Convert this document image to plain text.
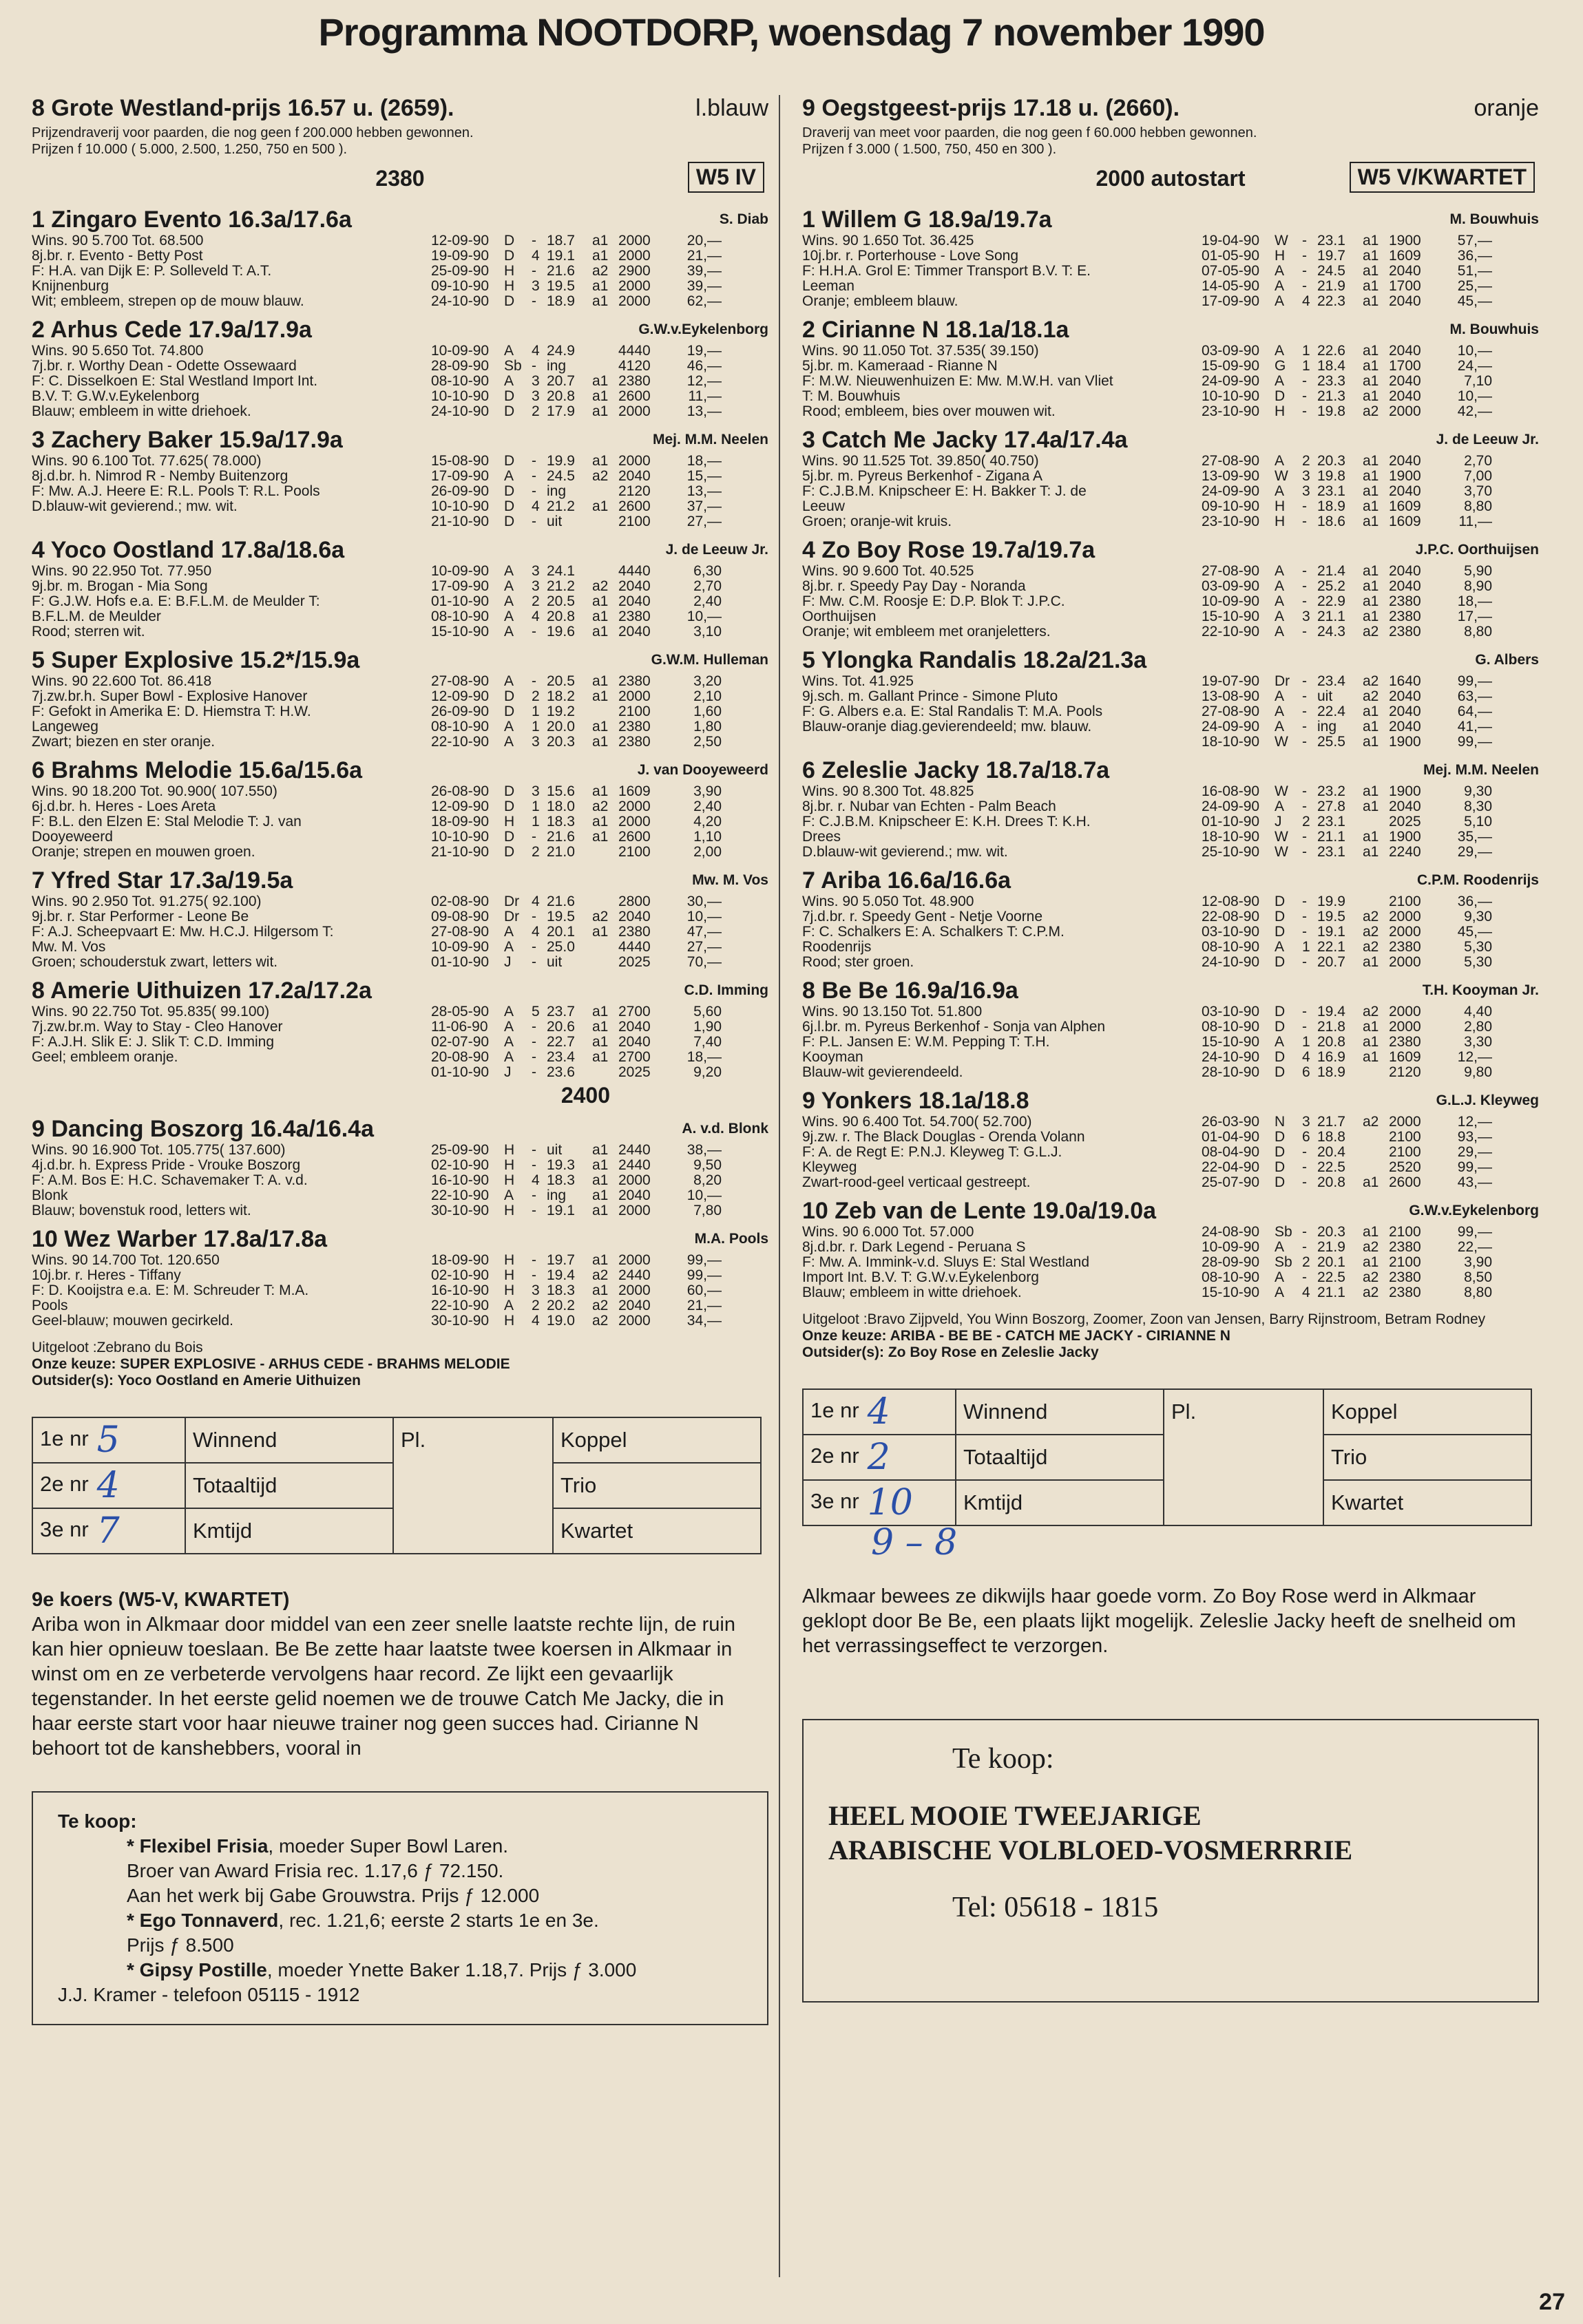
Programma NOOTDORP, woensdag 7 november 1990
8 Grote Westland-prijs 16.57 u. (2659).	l.blauw
Prijzendraverij voor paarden, die nog geen f 200.000 hebben gewonnen.
Prijzen f 10.000 ( 5.000, 2.500, 1.250, 750 en 500 ).
2380	W5 IV
1 Zingaro Evento 16.3a/17.6a
Wins. 90 5.700 Tot. 68.500
8j.br. r. Evento - Betty Post
F: H.A. van Dijk E: P. Solleveld T: A.T.
Knijnenburg
Wit; embleem, strepen op de mouw blauw.
S. Diab
12-09-90	D	- 18.7	a1 2000	20,—
19-09-90	D	4 19.1	a1 2000	21,—
25-09-90	H	- 21.6	a2 2900	39,—
09-10-90	H	3 19.5	a1 2000	39,—
24-10-90	D	- 18.9	a1 2000	62,—
2 Arhus Cede 17.9a/17.9a
Wins. 90 5.650 Tot. 74.800
7j.br. r. Worthy Dean - Odette Ossewaard
F: C. Disselkoen E: Stal Westland Import Int.
B.V. T: G.W.v.Eykelenborg
Blauw; embleem in witte driehoek.
G.W.v.Eykelenborg
10-09-90	A	4 24.9	4440	19,—
28-09-90	Sb - ing	4120	46,—
08-10-90	A	3 20.7	a1 2380	12,—
10-10-90	D	3 20.8	a1 2600	11,—
24-10-90	D	2 17.9	a1 2000	13,—
3 Zachery Baker 15.9a/17.9a
Wins. 90 6.100 Tot. 77.625( 78.000)
8j.d.br. h. Nimrod R - Nemby Buitenzorg
F: Mw. A.J. Heere E: R.L. Pools T: R.L. Pools
D.blauw-wit gevierend.; mw. wit.
Mej. M.M. Neelen
15-08-90	D	- 19.9	a1 2000	18,—
17-09-90	A	- 24.5	a2 2040	15,—
26-09-90	D	- ing	2120	13,—
10-10-90	D	4 21.2	a1 2600	37,—
21-10-90	D	- uit	2100	27,—
4 Yoco Oostland 17.8a/18.6a
Wins. 90 22.950 Tot. 77.950
9j.br. m. Brogan - Mia Song
F: G.J.W. Hofs e.a. E: B.F.L.M. de Meulder T:
B.F.L.M. de Meulder
Rood; sterren wit.
J. de Leeuw Jr.
10-09-90	A	3 24.1	4440	6,30
17-09-90	A	3 21.2	a2 2040	2,70
01-10-90	A	2 20.5	a1 2040	2,40
08-10-90	A	4 20.8	a1 2380	10,—
15-10-90	A	- 19.6	a1 2040	3,10
5 Super Explosive 15.2*/15.9a
Wins. 90 22.600 Tot. 86.418
7j.zw.br.h. Super Bowl - Explosive Hanover
F: Gefokt in Amerika E: D. Hiemstra T: H.W.
Langeweg
Zwart; biezen en ster oranje.
G.W.M. Hulleman
27-08-90	A	- 20.5	a1 2380	3,20
12-09-90	D	2 18.2	a1 2000	2,10
26-09-90	D	1 19.2	2100	1,60
08-10-90	A	1 20.0	a1 2380	1,80
22-10-90	A	3 20.3	a1 2380	2,50
6 Brahms Melodie 15.6a/15.6a
Wins. 90 18.200 Tot. 90.900( 107.550)
6j.d.br. h. Heres - Loes Areta
F: B.L. den Elzen E: Stal Melodie T: J. van
Dooyeweerd
Oranje; strepen en mouwen groen.
J. van Dooyeweerd
26-08-90	D	3 15.6	a1 1609	3,90
12-09-90	D	1 18.0	a2 2000	2,40
18-09-90	H	1 18.3	a1 2000	4,20
10-10-90	D	- 21.6	a1 2600	1,10
21-10-90	D	2 21.0	2100	2,00
7 Yfred Star 17.3a/19.5a
Wins. 90 2.950 Tot. 91.275( 92.100)
9j.br. r. Star Performer - Leone Be
F: A.J. Scheepvaart E: Mw. H.C.J. Hilgersom T:
Mw. M. Vos
Groen; schouderstuk zwart, letters wit.
Mw. M. Vos
02-08-90	Dr 4 21.6	2800	30,—
09-08-90	Dr - 19.5	a2 2040	10,—
27-08-90	A	4 20.1	a1 2380	47,—
10-09-90	A	- 25.0	4440	27,—
01-10-90	J	- uit	2025	70,—
8 Amerie Uithuizen 17.2a/17.2a
Wins. 90 22.750 Tot. 95.835( 99.100)
7j.zw.br.m. Way to Stay - Cleo Hanover
F: A.J.H. Slik E: J. Slik T: C.D. Imming
Geel; embleem oranje.
C.D. Imming
28-05-90	A	5 23.7	a1 2700	5,60
11-06-90	A	- 20.6	a1 2040	1,90
02-07-90	A	- 22.7	a1 2040	7,40
20-08-90	A	- 23.4	a1 2700	18,—
01-10-90	J	- 23.6	2025	9,20
2400
9 Dancing Boszorg 16.4a/16.4a
Wins. 90 16.900 Tot. 105.775( 137.600)
4j.d.br. h. Express Pride - Vrouke Boszorg
F: A.M. Bos E: H.C. Schavemaker T: A. v.d.
Blonk
Blauw; bovenstuk rood, letters wit.
A. v.d. Blonk
25-09-90	H	- uit	a1 2440	38,—
02-10-90	H	- 19.3	a1 2440	9,50
16-10-90	H	4 18.3	a1 2000	8,20
22-10-90	A	- ing	a1 2040	10,—
30-10-90	H	- 19.1	a1 2000	7,80
10 Wez Warber 17.8a/17.8a
Wins. 90 14.700 Tot. 120.650
10j.br. r. Heres - Tiffany
F: D. Kooijstra e.a. E: M. Schreuder T: M.A.
Pools
Geel-blauw; mouwen gecirkeld.
M.A. Pools
18-09-90	H	- 19.7	a1 2000	99,—
02-10-90	H	- 19.4	a2 2440	99,—
16-10-90	H	3 18.3	a1 2000	60,—
22-10-90	A	2 20.2	a2 2040	21,—
30-10-90	H	4 19.0	a2 2000	34,—
Uitgeloot :Zebrano du Bois
Onze keuze: SUPER EXPLOSIVE - ARHUS CEDE - BRAHMS MELODIE
Outsider(s): Yoco Oostland en Amerie Uithuizen
1e nr 5	Winnend	Pl.	Koppel
2e nr 4	Totaaltijd		Trio
3e nr 7	Kmtijd		Kwartet
9e koers (W5-V, KWARTET)
Ariba won in Alkmaar door middel van een zeer snelle laatste rechte lijn, de ruin kan hier opnieuw toeslaan. Be Be zette haar laatste twee koersen in Alkmaar in winst om en ze verbeterde vervolgens haar record. Ze lijkt een gevaarlijk tegenstander. In het eerste gelid noemen we de trouwe Catch Me Jacky, die in haar eerste start voor haar nieuwe trainer nog geen succes had. Cirianne N behoort tot de kanshebbers, vooral in
Te koop:
* Flexibel Frisia, moeder Super Bowl Laren.
Broer van Award Frisia rec. 1.17,6 ƒ 72.150.
Aan het werk bij Gabe Grouwstra. Prijs ƒ 12.000
* Ego Tonnaverd, rec. 1.21,6; eerste 2 starts 1e en 3e.
Prijs ƒ 8.500
* Gipsy Postille, moeder Ynette Baker 1.18,7. Prijs ƒ 3.000
J.J. Kramer - telefoon 05115 - 1912
9 Oegstgeest-prijs 17.18 u. (2660).	oranje
Draverij van meet voor paarden, die nog geen f 60.000 hebben gewonnen.
Prijzen f 3.000 ( 1.500, 750, 450 en 300 ).
2000 autostart	W5 V/KWARTET
1 Willem G 18.9a/19.7a
Wins. 90 1.650 Tot. 36.425
10j.br. r. Porterhouse - Love Song
F: H.H.A. Grol E: Timmer Transport B.V. T: E.
Leeman
Oranje; embleem blauw.
M. Bouwhuis
19-04-90	W - 23.1	a1 1900	57,—
01-05-90	H	- 19.7	a1 1609	36,—
07-05-90	A	- 24.5	a1 2040	51,—
14-05-90	A	- 21.9	a1 1700	25,—
17-09-90	A	4 22.3	a1 2040	45,—
2 Cirianne N 18.1a/18.1a
Wins. 90 11.050 Tot. 37.535( 39.150)
5j.br. m. Kameraad - Rianne N
F: M.W. Nieuwenhuizen E: Mw. M.W.H. van Vliet
T: M. Bouwhuis
Rood; embleem, bies over mouwen wit.
M. Bouwhuis
03-09-90	A	1 22.6	a1 2040	10,—
15-09-90	G	1 18.4	a1 1700	24,—
24-09-90	A	- 23.3	a1 2040	7,10
10-10-90	D	- 21.3	a1 2040	10,—
23-10-90	H	- 19.8	a2 2000	42,—
3 Catch Me Jacky 17.4a/17.4a
Wins. 90 11.525 Tot. 39.850( 40.750)
5j.br. m. Pyreus Berkenhof - Zigana A
F: C.J.B.M. Knipscheer E: H. Bakker T: J. de
Leeuw
Groen; oranje-wit kruis.
J. de Leeuw Jr.
27-08-90	A	2 20.3	a1 2040	2,70
13-09-90	W 3 19.8	a1 1900	7,00
24-09-90	A	3 23.1	a1 2040	3,70
09-10-90	H	- 18.9	a1 1609	8,80
23-10-90	H	- 18.6	a1 1609	11,—
4 Zo Boy Rose 19.7a/19.7a
Wins. 90 9.600 Tot. 40.525
8j.br. r. Speedy Pay Day - Noranda
F: Mw. C.M. Roosje E: D.P. Blok T: J.P.C.
Oorthuijsen
Oranje; wit embleem met oranjeletters.
J.P.C. Oorthuijsen
27-08-90	A	- 21.4	a1 2040	5,90
03-09-90	A	- 25.2	a1 2040	8,90
10-09-90	A	- 22.9	a1 2380	18,—
15-10-90	A	3 21.1	a1 2380	17,—
22-10-90	A	- 24.3	a2 2380	8,80
5 Ylongka Randalis 18.2a/21.3a
Wins. Tot. 41.925
9j.sch. m. Gallant Prince - Simone Pluto
F: G. Albers e.a. E: Stal Randalis T: M.A. Pools
Blauw-oranje diag.gevierendeeld; mw. blauw.
G. Albers
19-07-90	Dr - 23.4	a2 1640	99,—
13-08-90	A	- uit	a2 2040	63,—
27-08-90	A	- 22.4	a1 2040	64,—
24-09-90	A	- ing	a1 2040	41,—
18-10-90	W - 25.5	a1 1900	99,—
6 Zeleslie Jacky 18.7a/18.7a
Wins. 90 8.300 Tot. 48.825
8j.br. r. Nubar van Echten - Palm Beach
F: C.J.B.M. Knipscheer E: K.H. Drees T: K.H.
Drees
D.blauw-wit gevierend.; mw. wit.
Mej. M.M. Neelen
16-08-90	W - 23.2	a1 1900	9,30
24-09-90	A	- 27.8	a1 2040	8,30
01-10-90	J	2 23.1	2025	5,10
18-10-90	W - 21.1	a1 1900	35,—
25-10-90	W - 23.1	a1 2240	29,—
7 Ariba 16.6a/16.6a
Wins. 90 5.050 Tot. 48.900
7j.d.br. r. Speedy Gent - Netje Voorne
F: C. Schalkers E: A. Schalkers T: C.P.M.
Roodenrijs
Rood; ster groen.
C.P.M. Roodenrijs
12-08-90	D	- 19.9	2100	36,—
22-08-90	D	- 19.5	a2 2000	9,30
03-10-90	D	- 19.1	a2 2000	45,—
08-10-90	A	1 22.1	a2 2380	5,30
24-10-90	D	- 20.7	a1 2000	5,30
8 Be Be 16.9a/16.9a
Wins. 90 13.150 Tot. 51.800
6j.l.br. m. Pyreus Berkenhof - Sonja van Alphen
F: P.L. Jansen E: W.M. Pepping T: T.H.
Kooyman
Blauw-wit gevierendeeld.
T.H. Kooyman Jr.
03-10-90	D	- 19.4	a2 2000	4,40
08-10-90	D	- 21.8	a1 2000	2,80
15-10-90	A	1 20.8	a1 2380	3,30
24-10-90	D	4 16.9	a1 1609	12,—
28-10-90	D	6 18.9	2120	9,80
9 Yonkers 18.1a/18.8
Wins. 90 6.400 Tot. 54.700( 52.700)
9j.zw. r. The Black Douglas - Orenda Volann
F: A. de Regt E: P.N.J. Kleyweg T: G.L.J.
Kleyweg
Zwart-rood-geel verticaal gestreept.
G.L.J. Kleyweg
26-03-90	N	3 21.7	a2 2000	12,—
01-04-90	D	6 18.8	2100	93,—
08-04-90	D	- 20.4	2100	29,—
22-04-90	D	- 22.5	2520	99,—
25-07-90	D	- 20.8	a1 2600	43,—
10 Zeb van de Lente 19.0a/19.0a
Wins. 90 6.000 Tot. 57.000
8j.d.br. r. Dark Legend - Peruana S
F: Mw. A. Immink-v.d. Sluys E: Stal Westland
Import Int. B.V. T: G.W.v.Eykelenborg
Blauw; embleem in witte driehoek.
G.W.v.Eykelenborg
24-08-90	Sb - 20.3	a1 2100	99,—
10-09-90	A	- 21.9	a2 2380	22,—
28-09-90	Sb 2 20.1	a1 2100	3,90
08-10-90	A	- 22.5	a2 2380	8,50
15-10-90	A	4 21.1	a2 2380	8,80
Uitgeloot :Bravo Zijpveld, You Winn Boszorg, Zoomer, Zoon van Jensen, Barry Rijnstroom, Betram Rodney
Onze keuze: ARIBA - BE BE - CATCH ME JACKY - CIRIANNE N
Outsider(s): Zo Boy Rose en Zeleslie Jacky
1e nr 4	Winnend	Pl.	Koppel
2e nr 2	Totaaltijd		Trio
3e nr 10	Kmtijd		Kwartet
9 – 8
Alkmaar bewees ze dikwijls haar goede vorm. Zo Boy Rose werd in Alkmaar geklopt door Be Be, een plaats lijkt mogelijk. Zeleslie Jacky heeft de snelheid om het verrassingseffect te verzorgen.
Te koop:
HEEL MOOIE TWEEJARIGE
ARABISCHE VOLBLOED-VOSMERRRIE
Tel: 05618 - 1815
27
